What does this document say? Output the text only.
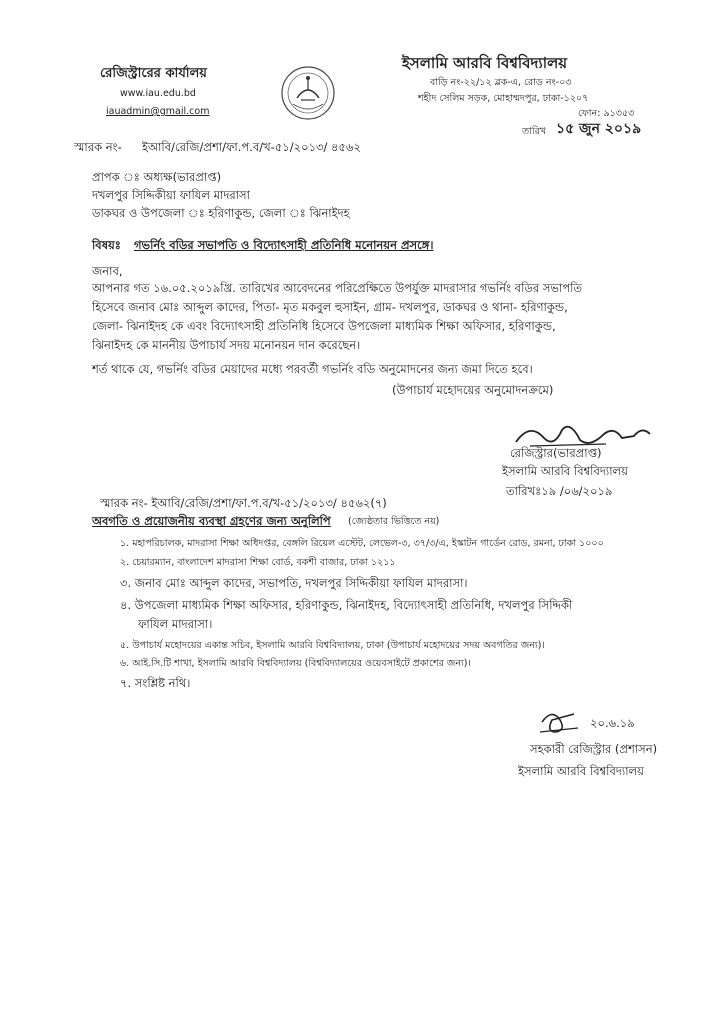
রেজিস্ট্রারের কার্যালয়
www.iau.edu.bd
iauadmin@gmail.com
ইসলামি আরবি বিশ্ববিদ্যালয়
বাড়ি নং-২২/১২ ব্লক-এ, রোড নং-০৩
শহীদ সেলিম সড়ক, মোহাম্মদপুর, ঢাকা-১২০৭
ফোন: ৯১৩৫৩
তারিখ ১৫ জুন ২০১৯
স্মারক নং- ইআবি/রেজি/প্রশা/ফা.প.ব/খ-৫১/২০১৩/ ৪৫৬২
প্রাপক ঃ অধ্যক্ষ(ভারপ্রাপ্ত)
দখলপুর সিদ্দিকীয়া ফাযিল মাদরাসা
ডাকঘর ও উপজেলা ঃ হরিণাকুন্ড, জেলা ঃ ঝিনাইদহ
বিষয়ঃ গভর্নিং বডির সভাপতি ও বিদ্যোৎসাহী প্রতিনিধি মনোনয়ন প্রসঙ্গে।
জনাব,
আপনার গত ১৬.০৫.২০১৯খ্রি. তারিখের আবেদনের পরিপ্রেক্ষিতে উপর্যুক্ত মাদরাসার গভর্নিং বডির সভাপতি
হিসেবে জনাব মোঃ আব্দুল কাদের, পিতা- মৃত মকবুল হুসাইন, গ্রাম- দখলপুর, ডাকঘর ও থানা- হরিণাকুন্ড,
জেলা- ঝিনাইদহ কে এবং বিদ্যোৎসাহী প্রতিনিধি হিসেবে উপজেলা মাধ্যমিক শিক্ষা অফিসার, হরিণাকুন্ড,
ঝিনাইদহ কে মাননীয় উপাচার্য সদয় মনোনয়ন দান করেছেন।
শর্ত থাকে যে, গভর্নিং বডির মেয়াদের মধ্যে পরবর্তী গভর্নিং বডি অনুমোদনের জন্য জমা দিতে হবে।
(উপাচার্য মহোদয়ের অনুমোদনক্রমে)
রেজিস্ট্রার(ভারপ্রাপ্ত)
ইসলামি আরবি বিশ্ববিদ্যালয়
তারিখঃ১৯ /০৬/২০১৯
স্মারক নং- ইআবি/রেজি/প্রশা/ফা.প.ব/খ-৫১/২০১৩/ ৪৫৬২(৭)
অবগতি ও প্রয়োজনীয় ব্যবস্থা গ্রহণের জন্য অনুলিপি (জ্যেষ্ঠতার ভিত্তিতে নয়)
১. মহাপরিচালক, মাদরাসা শিক্ষা অধিদপ্তর, বেঙ্গলি রিয়েল এস্টেট, লেভেল-৩, ৩৭/৩/এ, ইস্কাটন গার্ডেন রোড, রমনা, ঢাকা ১০০০
২. চেয়ারম্যান, বাংলাদেশ মাদরাসা শিক্ষা বোর্ড, বকশী বাজার, ঢাকা ১২১১
৩. জনাব মোঃ আব্দুল কাদের, সভাপতি, দখলপুর সিদ্দিকীয়া ফাযিল মাদরাসা।
৪. উপজেলা মাধ্যমিক শিক্ষা অফিসার, হরিণাকুন্ড, ঝিনাইদহ, বিদ্যোৎসাহী প্রতিনিধি, দখলপুর সিদ্দিকী
ফাযিল মাদরাসা।
৫. উপাচার্য মহোদয়ের একান্ত সচিব, ইসলামি আরবি বিশ্ববিদ্যালয়, ঢাকা (উপাচার্য মহোদয়ের সদয় অবগতির জন্য)।
৬. আই.সি.টি শাখা, ইসলামি আরবি বিশ্ববিদ্যালয় (বিশ্ববিদ্যালয়ের ওয়েবসাইটে প্রকাশের জন্য)।
৭. সংশ্লিষ্ট নথি।
২০.৬.১৯
সহকারী রেজিস্ট্রার (প্রশাসন)
ইসলামি আরবি বিশ্ববিদ্যালয়
